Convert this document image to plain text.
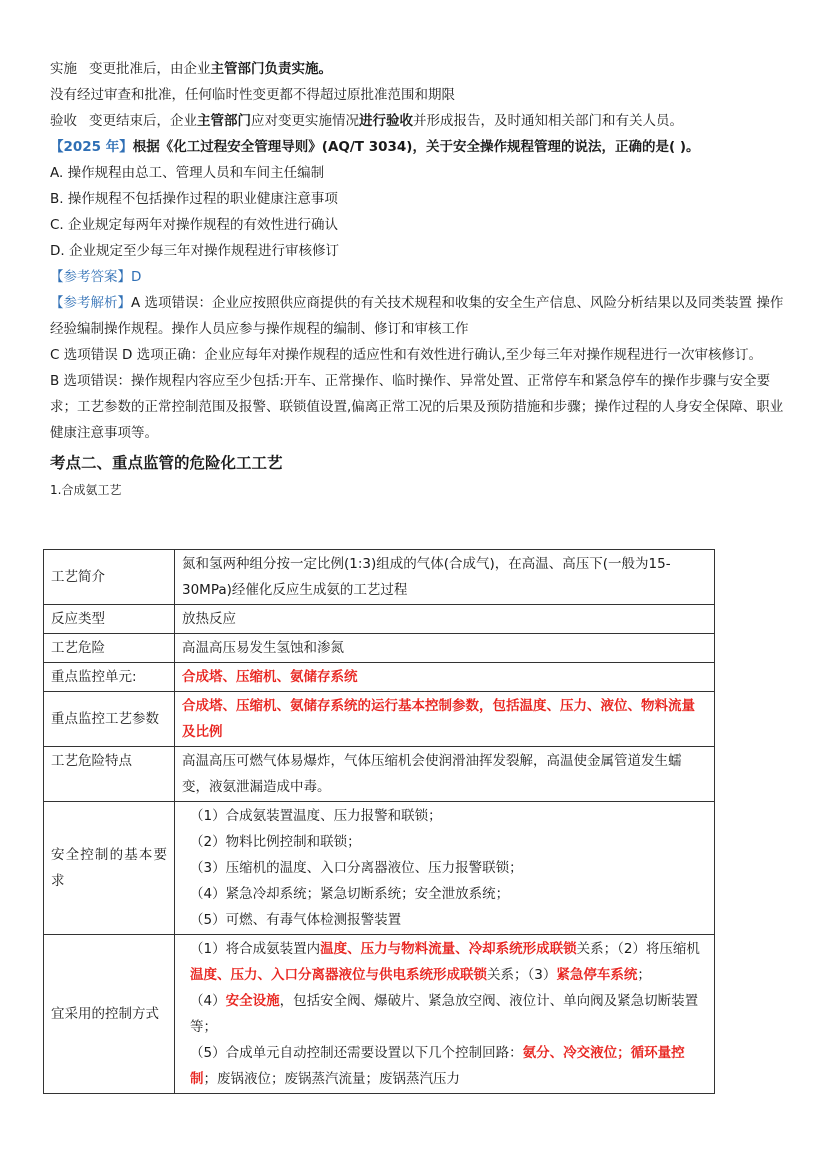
实施 变更批准后，由企业主管部门负责实施。
没有经过审查和批准，任何临时性变更都不得超过原批准范围和期限
验收 变更结束后，企业主管部门应对变更实施情况进行验收并形成报告，及时通知相关部门和有关人员。
【2025 年】根据《化工过程安全管理导则》(AQ/T 3034)，关于安全操作规程管理的说法，正确的是( )。
A. 操作规程由总工、管理人员和车间主任编制
B. 操作规程不包括操作过程的职业健康注意事项
C. 企业规定每两年对操作规程的有效性进行确认
D. 企业规定至少每三年对操作规程进行审核修订
【参考答案】D
【参考解析】A 选项错误：企业应按照供应商提供的有关技术规程和收集的安全生产信息、风险分析结果以及同类装置 操作经验编制操作规程。操作人员应参与操作规程的编制、修订和审核工作
C 选项错误 D 选项正确：企业应每年对操作规程的适应性和有效性进行确认,至少每三年对操作规程进行一次审核修订。
B 选项错误：操作规程内容应至少包括:开车、正常操作、临时操作、异常处置、正常停车和紧急停车的操作步骤与安全要求；工艺参数的正常控制范围及报警、联锁值设置,偏离正常工况的后果及预防措施和步骤；操作过程的人身安全保障、职业健康注意事项等。
考点二、重点监管的危险化工工艺
1.合成氨工艺
工艺简介	氮和氢两种组分按一定比例(1:3)组成的气体(合成气)，在高温、高压下(一般为15-30MPa)经催化反应生成氨的工艺过程
反应类型	放热反应
工艺危险	高温高压易发生氢蚀和渗氮
重点监控单元:	合成塔、压缩机、氨储存系统
重点监控工艺参数	合成塔、压缩机、氨储存系统的运行基本控制参数，包括温度、压力、液位、物料流量及比例
工艺危险特点	高温高压可燃气体易爆炸，气体压缩机会使润滑油挥发裂解，高温使金属管道发生蠕变，液氨泄漏造成中毒。
安全控制的基本要求	（1）合成氨装置温度、压力报警和联锁；
（2）物料比例控制和联锁；
（3）压缩机的温度、入口分离器液位、压力报警联锁；
（4）紧急冷却系统；紧急切断系统；安全泄放系统；
（5）可燃、有毒气体检测报警装置

宜采用的控制方式	（1）将合成氨装置内温度、压力与物料流量、冷却系统形成联锁关系；（2）将压缩机温度、压力、入口分离器液位与供电系统形成联锁关系；（3）紧急停车系统；
（4）安全设施，包括安全阀、爆破片、紧急放空阀、液位计、单向阀及紧急切断装置等；
（5）合成单元自动控制还需要设置以下几个控制回路：氨分、冷交液位；循环量控制；废锅液位；废锅蒸汽流量；废锅蒸汽压力
